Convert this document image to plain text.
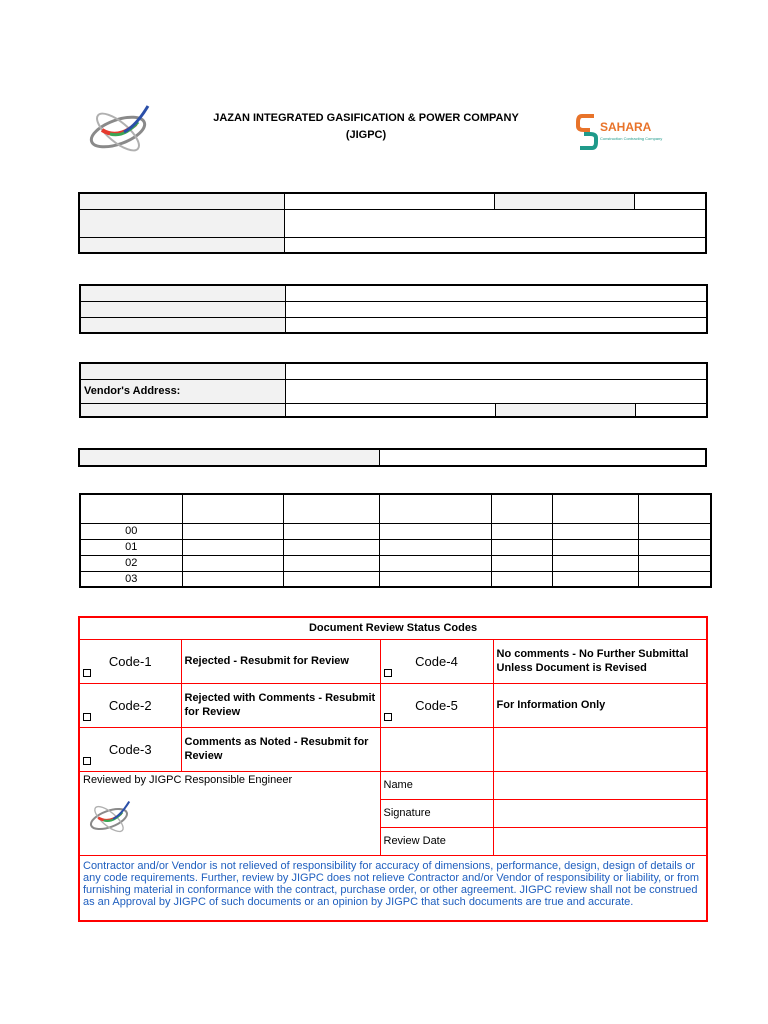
JAZAN INTEGRATED GASIFICATION & POWER COMPANY
(JIGPC)
SAHARA
Construction Contracting Company

Vendor's Address:			

00						
01						
02						
03						
Document Review Status Codes			

Code-1	Rejected - Resubmit for Review	Code-4	No comments - No Further Submittal Unless Document is Revised

Code-2	Rejected with Comments - Resubmit for Review	Code-5	For Information Only

Code-3	Comments as Noted - Resubmit for Review		
Reviewed by JIGPC Responsible Engineer		Name	
		Signature	
		Review Date	
Contractor and/or Vendor is not relieved of responsibility for accuracy of dimensions, performance, design, design of details or any code requirements. Further, review by JIGPC does not relieve Contractor and/or Vendor of responsibility or liability, or from furnishing material in conformance with the contract, purchase order, or other agreement. JIGPC review shall not be construed as an Approval by JIGPC of such documents or an opinion by JIGPC that such documents are true and accurate.			
